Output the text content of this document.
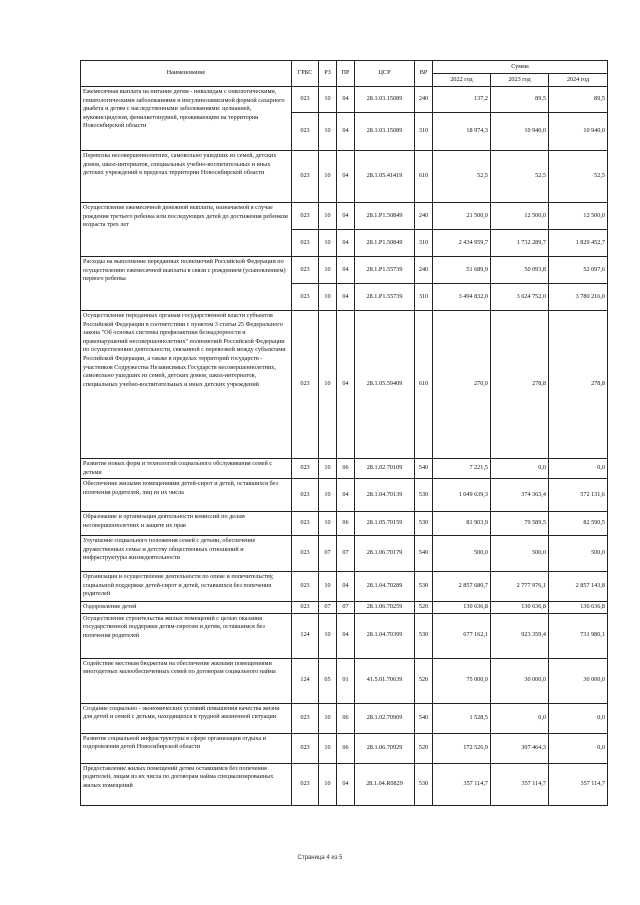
Наименование	ГРБС	РЗ	ПР	ЦСР	ВР	Сумма		
						2022 год	2023 год	2024 год
Ежемесячная выплата на питание детям - инвалидам с онкологическими, гематологическими заболеваниями и инсулинозависимой формой сахарного диабета и детям с наследственными заболеваниями: целиакией, муковисцидозом, фенилкетонурией, проживающим на территории Новосибирской области	023	10	04	28.1.03.15089	240	137,2	89,5	89,5
	023	10	04	28.1.03.15089	310	18 974,3	10 940,0	10 940,0
Перевозка несовершеннолетних, самовольно ушедших из семей, детских домов, школ-интернатов, специальных учебно-воспитательных и иных детских учреждений в пределах территории Новосибирской области	023	10	04	28.1.05.41419	610	52,5	52,5	52,5
Осуществление ежемесячной денежной выплаты, назначаемой в случае рождения третьего ребенка или последующих детей до достижения ребенком возраста трех лет	023	10	04	28.1.P1.50849	240	21 500,0	12 500,0	12 500,0
	023	10	04	28.1.P1.50849	310	2 434 959,7	1 732 289,7	1 829 452,7
Расходы на выполнение переданных полномочий Российской Федерации по осуществлению ежемесячной выплаты в связи с рождением (усыновлением) первого ребенка	023	10	04	28.1.P1.55739	240	51 689,9	50 093,8	52 097,6
	023	10	04	28.1.P1.55739	310	3 494 832,0	3 624 752,0	3 780 216,0
Осуществление переданных органам государственной власти субъектов Российской Федерации в соответствии с пунктом 3 статьи 25 Федерального закона "Об основах системы профилактики безнадзорности и правонарушений несовершеннолетних" полномочий Российской Федерации по осуществлению деятельности, связанной с перевозкой между субъектами Российской Федерации, а также в пределах территорий государств - участников Содружества Независимых Государств несовершеннолетних, самовольно ушедших из семей, детских домов, школ-интернатов, специальных учебно-воспитательных и иных детских учреждений	023	10	04	28.1.05.59409	610	270,0	278,8	278,8
Развитие новых форм и технологий социального обслуживания семей с детьми	023	10	06	28.1.02.70109	540	7 221,5	0,0	0,0
Обеспечение жилыми помещениями детей-сирот и детей, оставшихся без попечения родителей, лиц из их числа	023	10	04	28.1.04.70139	530	1 049 639,3	374 363,4	572 131,6
Образование и организация деятельности комиссий по делам несовершеннолетних и защите их прав	023	10	06	28.1.05.70159	530	81 903,9	79 589,5	82 590,5
Улучшение социального положения семей с детьми, обеспечение дружественных семье и детству общественных отношений и инфраструктуры жизнедеятельности	023	07	07	28.1.06.70179	540	500,0	500,0	500,0
Организация и осуществление деятельности по опеке и попечительству, социальной поддержке детей-сирот и детей, оставшихся без попечения родителей	023	10	04	28.1.04.70289	530	2 857 680,7	2 777 976,1	2 857 143,8
Оздоровление детей	023	07	07	28.1.06.70259	520	130 636,8	130 636,8	130 636,8
Осуществление строительства жилых помещений с целью оказания государственной поддержки детям-сиротам и детям, оставшимся без попечения родителей	124	10	04	28.1.04.70399	530	677 162,1	923 359,4	731 980,1
Содействие местным бюджетам на обеспечение жилыми помещениями многодетных малообеспеченных семей по договорам социального найма	124	05	01	41.5.01.70639	520	75 000,0	30 000,0	30 000,0
Создание социально - экономических условий повышения качества жизни для детей и семей с детьми, находящихся в трудной жизненной ситуации	023	10	06	28.1.02.70909	540	1 528,5	0,0	0,0
Развитие социальной инфраструктуры в сфере организации отдыха и оздоровления детей Новосибирской области	023	10	06	28.1.06.70929	520	172 526,9	307 464,3	0,0
Предоставление жилых помещений детям оставшимся без попечения родителей, лицам из их числа по договорам найма специализированных жилых помещений	023	10	04	28.1.04.R0829	530	357 114,7	357 114,7	357 114,7
Страница 4 из 5
